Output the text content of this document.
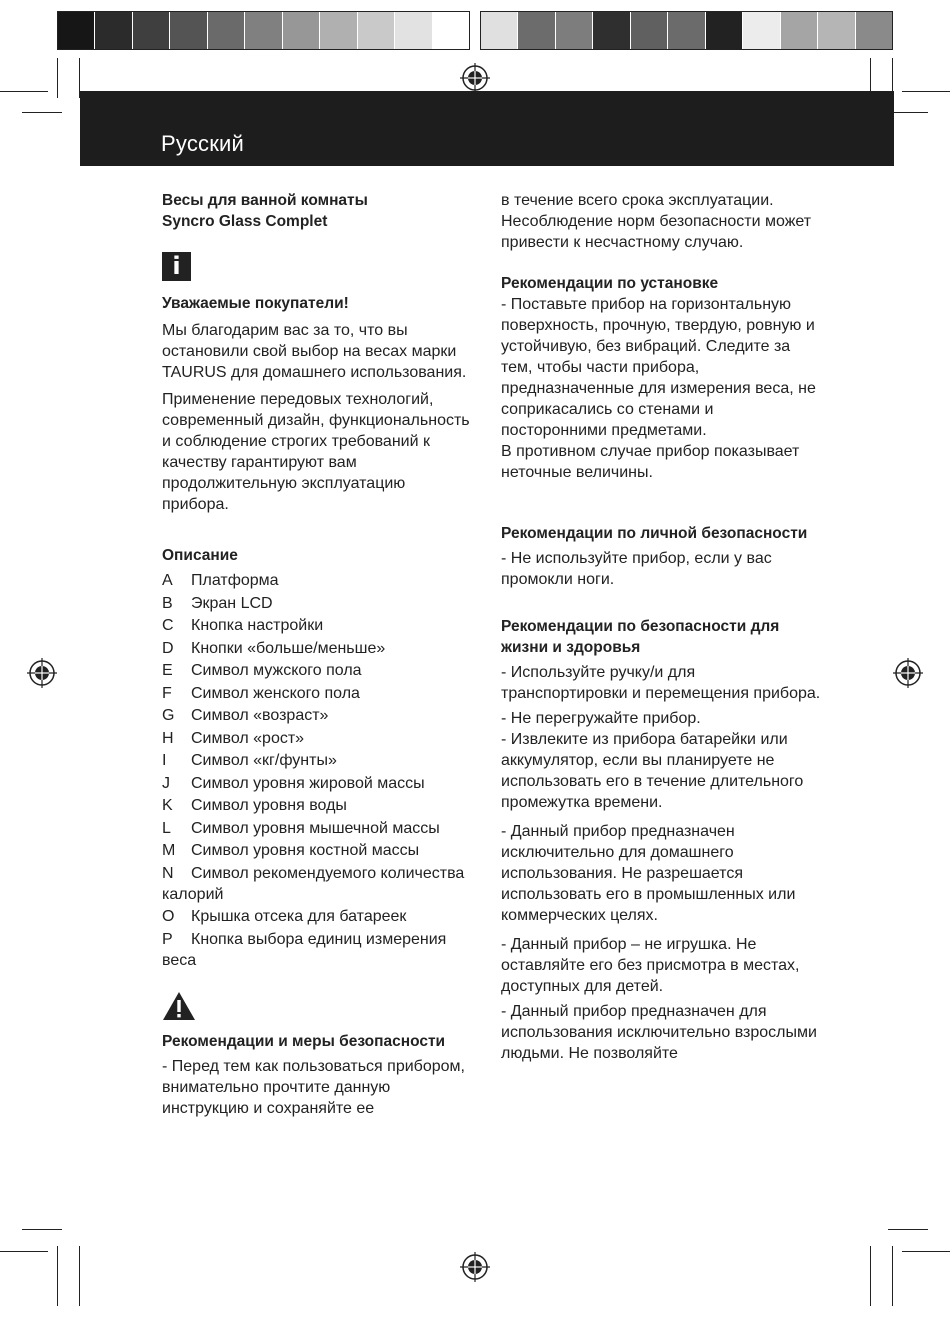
Русский

Весы для ванной комнаты

Syncro Glass Complet

i

Уважаемые покупатели!

Мы благодарим вас за то, что вы остановили свой выбор на весах марки TAURUS для домашнего использования.

Применение передовых технологий, современный дизайн, функциональность и соблюдение строгих требований к качеству гарантируют вам продолжительную эксплуатацию прибора.

Описание

A Платформа
B Экран LCD
C Кнопка настройки
D Кнопки «больше/меньше»
E Символ мужского пола
F Символ женского пола
G Символ «возраст»
H Символ «рост»
I Символ «кг/фунты»
J Символ уровня жировой массы
K Символ уровня воды
L Символ уровня мышечной массы
M Символ уровня костной массы
N Символ рекомендуемого количества калорий
O Крышка отсека для батареек
P Кнопка выбора единиц измерения веса

Рекомендации и меры безопасности

- Перед тем как пользоваться прибором, внимательно прочтите данную инструкцию и сохраняйте ее

в течение всего срока эксплуатации. Несоблюдение норм безопасности может привести к несчастному случаю.

Рекомендации по установке

- Поставьте прибор на горизонтальную поверхность, прочную, твердую, ровную и устойчивую, без вибраций. Следите за тем, чтобы части прибора, предназначенные для измерения веса, не соприкасались со стенами и посторонними предметами.

В противном случае прибор показывает неточные величины.

Рекомендации по личной безопасности

- Не используйте прибор, если у вас промокли ноги.

Рекомендации по безопасности для жизни и здоровья

- Используйте ручку/и для транспортировки и перемещения прибора.

- Не перегружайте прибор.

- Извлеките из прибора батарейки или аккумулятор, если вы планируете не использовать его в течение длительного промежутка времени.

- Данный прибор предназначен исключительно для домашнего использования. Не разрешается использовать его в промышленных или коммерческих целях.

- Данный прибор – не игрушка. Не оставляйте его без присмотра в местах, доступных для детей.

- Данный прибор предназначен для использования исключительно взрослыми людьми. Не позволяйте
